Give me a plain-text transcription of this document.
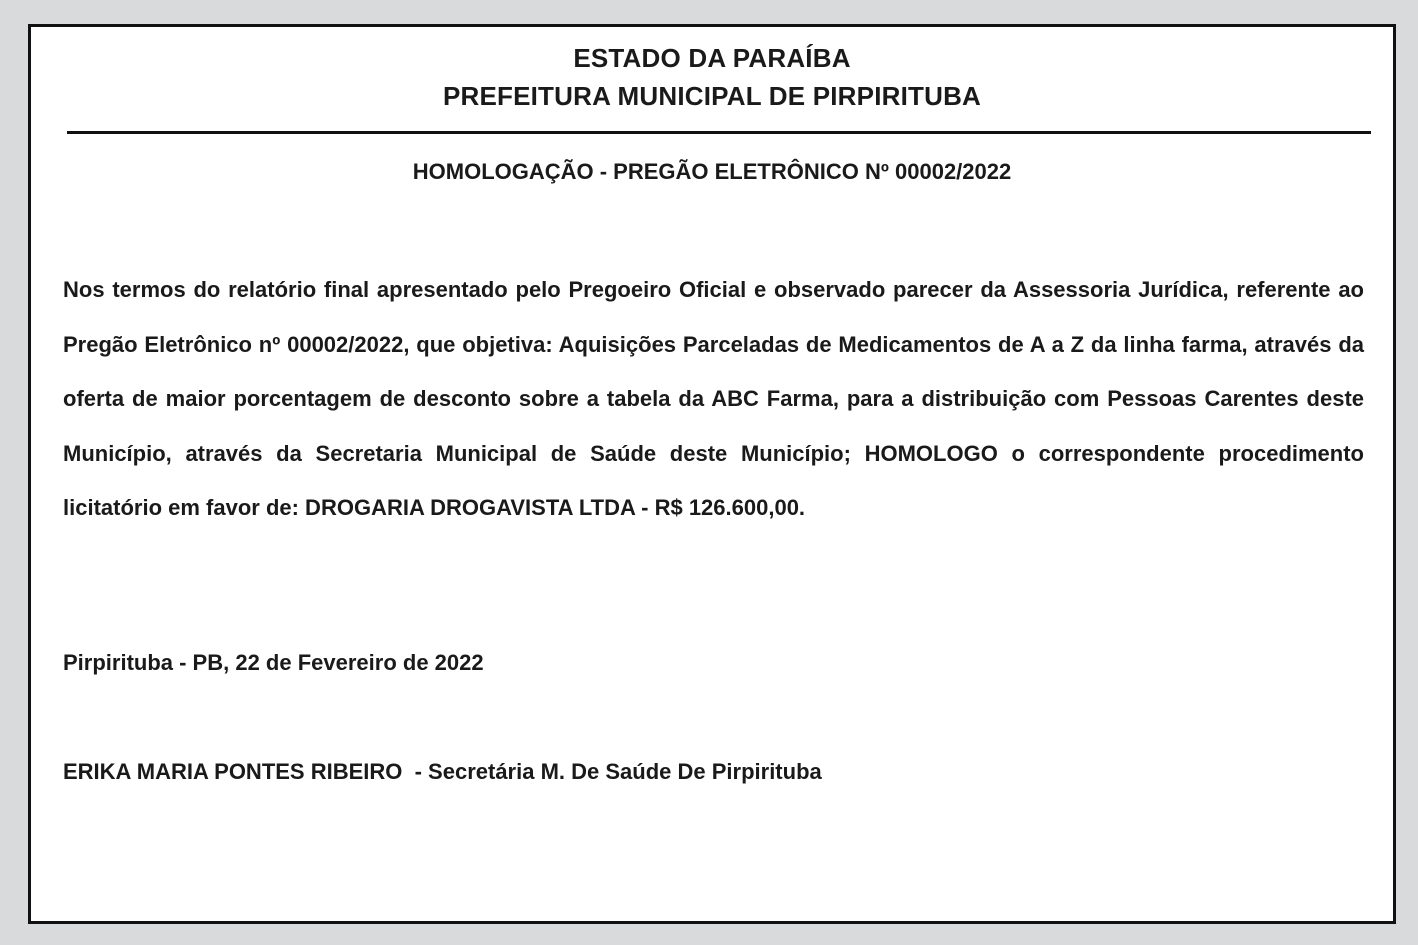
ESTADO DA PARAÍBA
PREFEITURA MUNICIPAL DE PIRPIRITUBA
HOMOLOGAÇÃO - PREGÃO ELETRÔNICO Nº 00002/2022

Nos termos do relatório final apresentado pelo Pregoeiro Oficial e observado parecer da Assessoria Jurídica, referente ao Pregão Eletrônico nº 00002/2022, que objetiva: Aquisições Parceladas de Medicamentos de A a Z da linha farma, através da oferta de maior porcentagem de desconto sobre a tabela da ABC Farma, para a distribuição com Pessoas Carentes deste Município, através da Secretaria Municipal de Saúde deste Município; HOMOLOGO o correspondente procedimento licitatório em favor de: DROGARIA DROGAVISTA LTDA - R$ 126.600,00.

Pirpirituba - PB, 22 de Fevereiro de 2022
ERIKA MARIA PONTES RIBEIRO  - Secretária M. De Saúde De Pirpirituba
